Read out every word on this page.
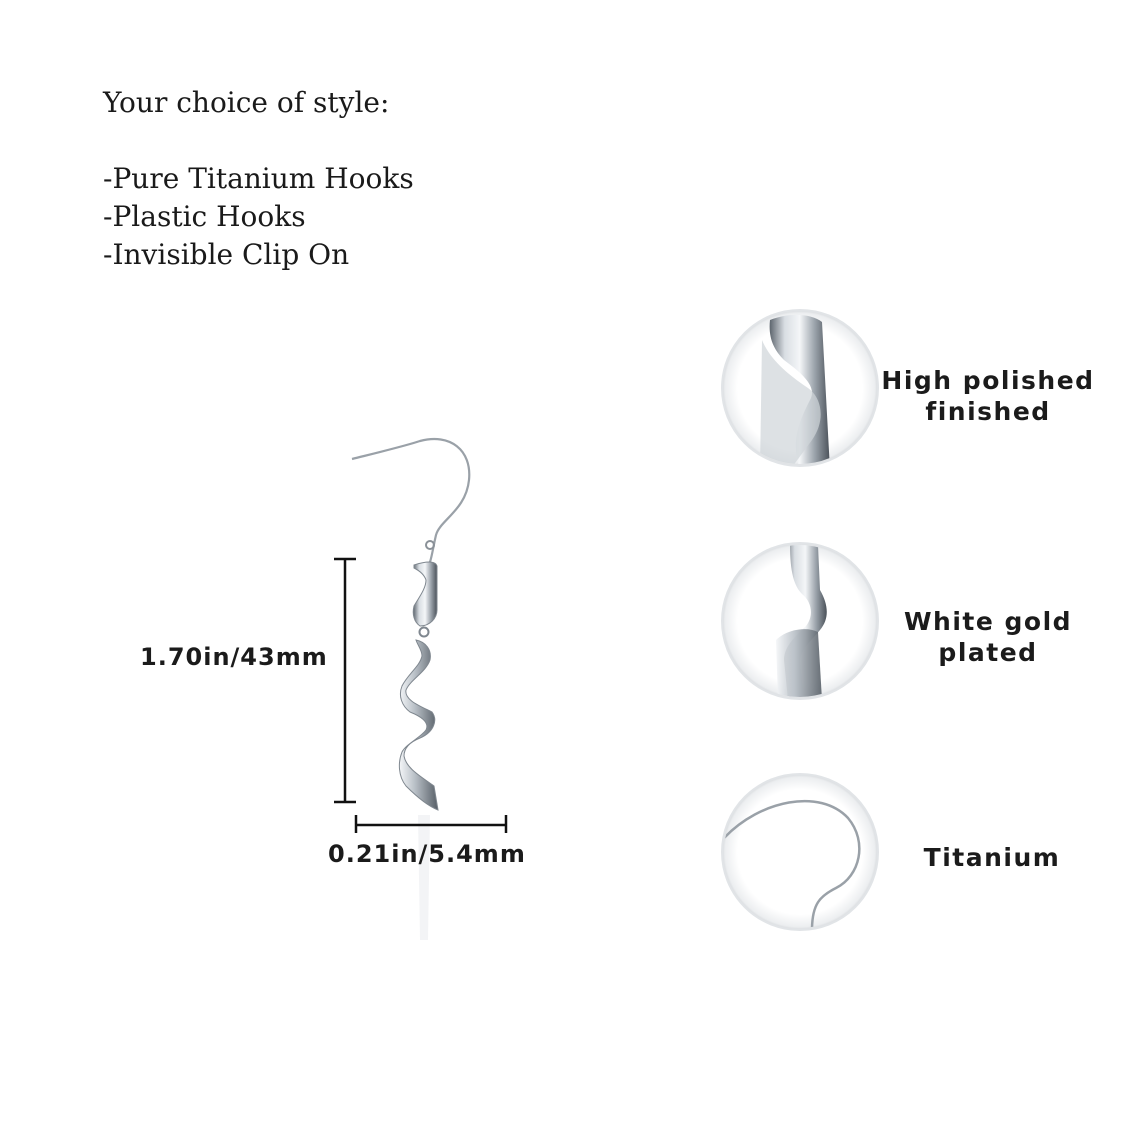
Your choice of style:
-Pure Titanium Hooks
-Plastic Hooks
-Invisible Clip On
1.70in/43mm
0.21in/5.4mm
High polished
finished
White gold
plated
Titanium
